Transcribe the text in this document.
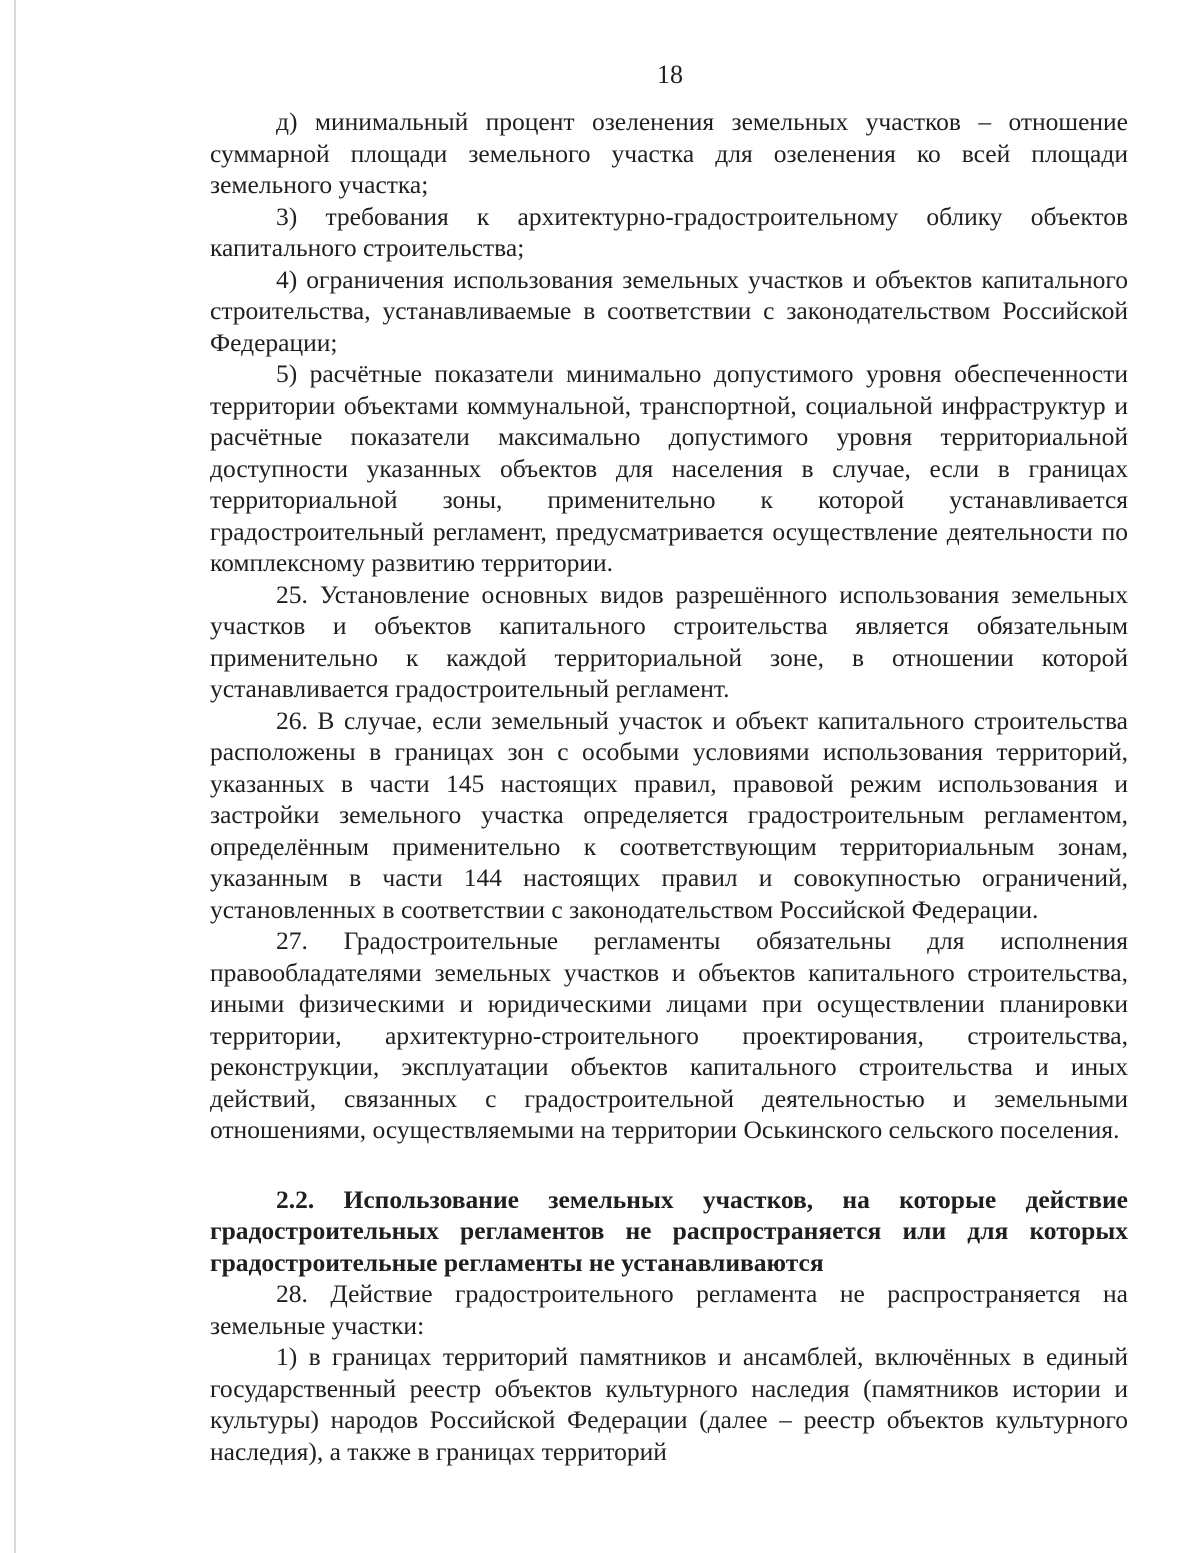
18

д) минимальный процент озеленения земельных участков – отношение суммарной площади земельного участка для озеленения ко всей площади земельного участка;

3) требования к архитектурно-градостроительному облику объектов капитального строительства;

4) ограничения использования земельных участков и объектов капитального строительства, устанавливаемые в соответствии с законодательством Российской Федерации;

5) расчётные показатели минимально допустимого уровня обеспеченности территории объектами коммунальной, транспортной, социальной инфраструктур и расчётные показатели максимально допустимого уровня территориальной доступности указанных объектов для населения в случае, если в границах территориальной зоны, применительно к которой устанавливается градостроительный регламент, предусматривается осуществление деятельности по комплексному развитию территории.

25. Установление основных видов разрешённого использования земельных участков и объектов капитального строительства является обязательным применительно к каждой территориальной зоне, в отношении которой устанавливается градостроительный регламент.

26. В случае, если земельный участок и объект капитального строительства расположены в границах зон с особыми условиями использования территорий, указанных в части 145 настоящих правил, правовой режим использования и застройки земельного участка определяется градостроительным регламентом, определённым применительно к соответствующим территориальным зонам, указанным в части 144 настоящих правил и совокупностью ограничений, установленных в соответствии с законодательством Российской Федерации.

27. Градостроительные регламенты обязательны для исполнения правообладателями земельных участков и объектов капитального строительства, иными физическими и юридическими лицами при осуществлении планировки территории, архитектурно-строительного проектирования, строительства, реконструкции, эксплуатации объектов капитального строительства и иных действий, связанных с градостроительной деятельностью и земельными отношениями, осуществляемыми на территории Оськинского сельского поселения.

2.2. Использование земельных участков, на которые действие градостроительных регламентов не распространяется или для которых градостроительные регламенты не устанавливаются

28. Действие градостроительного регламента не распространяется на земельные участки:

1) в границах территорий памятников и ансамблей, включённых в единый государственный реестр объектов культурного наследия (памятников истории и культуры) народов Российской Федерации (далее – реестр объектов культурного наследия), а также в границах территорий
